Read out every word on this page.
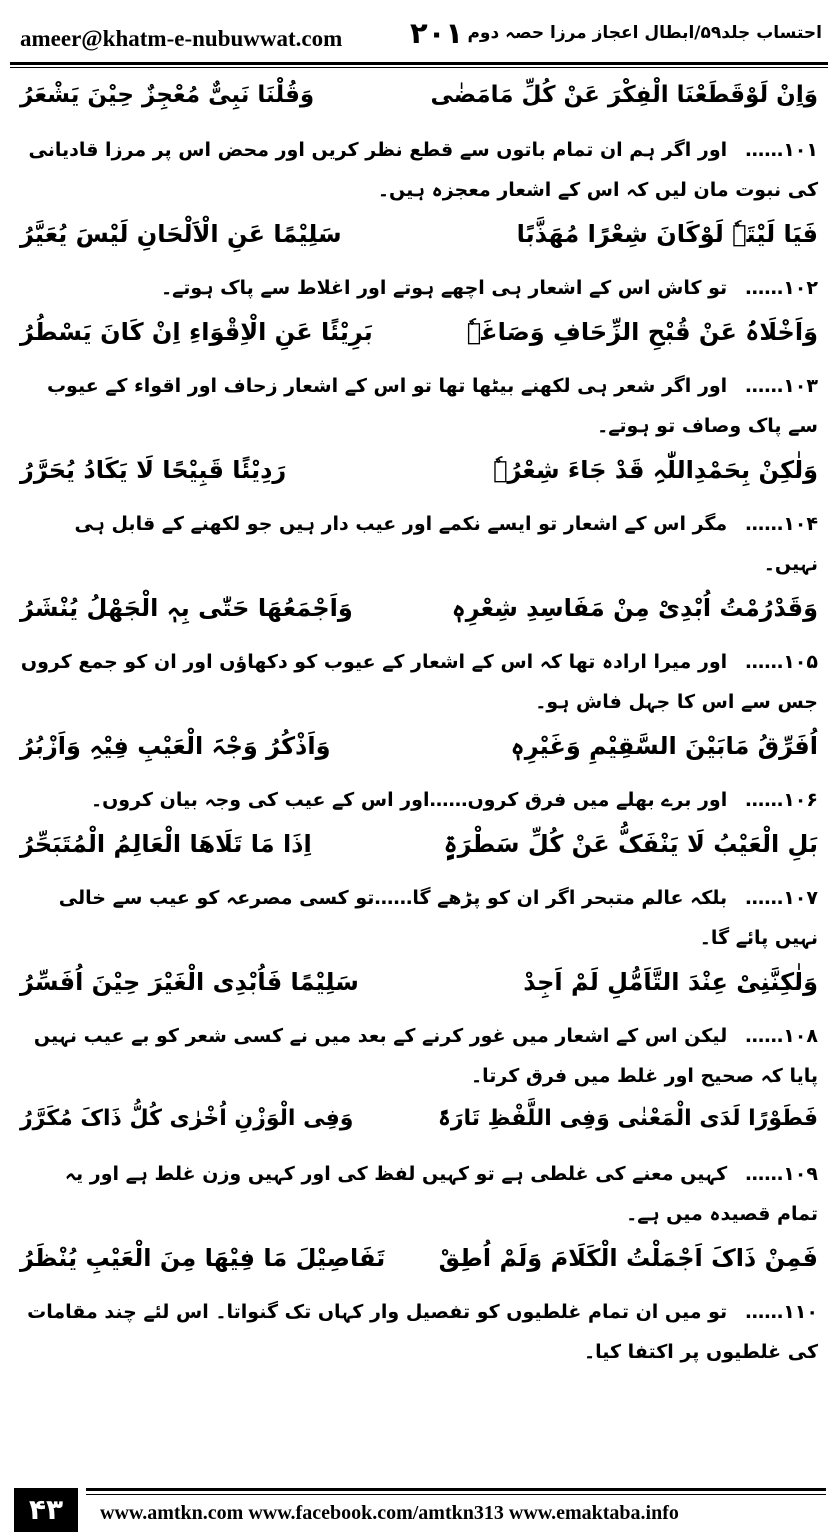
ameer@khatm-e-nubuwwat.com ۲۰۱ احتساب جلد۵۹/ابطال اعجاز مرزا حصہ دوم
وَاِنْ لَوْقَطَعْنَا الْفِکْرَ عَنْ کُلِّ مَامَضٰی
وَقُلْنَا نَبِیٌّ مُعْجِزٌ حِیْنَ یَشْعَرُ

۱۰۱……اور اگر ہم ان تمام باتوں سے قطع نظر کریں اور محض اس پر مرزا قادیانی کی نبوت مان لیں کہ اس کے اشعار معجزہ ہیں۔

فَیَا لَیْتَہٗ لَوْکَانَ شِعْرًا مُھَذَّبًا
سَلِیْمًا عَنِ الْاَلْحَانِ لَیْسَ یُعَیَّرُ

۱۰۲……تو کاش اس کے اشعار ہی اچھے ہوتے اور اغلاط سے پاک ہوتے۔

وَاَخْلَاہُ عَنْ قُبْحِ الزِّحَافِ وَصَاغَہٗ
بَرِیْئًا عَنِ الْاِقْوَاءِ اِنْ کَانَ یَسْطُرُ

۱۰۳……اور اگر شعر ہی لکھنے بیٹھا تھا تو اس کے اشعار زحاف اور اقواء کے عیوب سے پاک وصاف تو ہوتے۔

وَلٰکِنْ بِحَمْدِاللّٰہِ قَدْ جَاءَ شِعْرُہٗ
رَدِیْئًا قَبِیْحًا لَا یَکَادُ یُحَرَّرُ

۱۰۴……مگر اس کے اشعار تو ایسے نکمے اور عیب دار ہیں جو لکھنے کے قابل ہی نہیں۔

وَقَدْرُمْتُ اُبْدِیْ مِنْ مَفَاسِدِ شِعْرِہٖ
وَاَجْمَعُھَا حَتّٰی بِہٖ الْجَھْلُ یُنْشَرُ

۱۰۵……اور میرا ارادہ تھا کہ اس کے اشعار کے عیوب کو دکھاؤں اور ان کو جمع کروں جس سے اس کا جہل فاش ہو۔

اُفَرِّقُ مَابَیْنَ السَّقِیْمِ وَغَیْرِہٖ
وَاَذْکُرُ وَجْہَ الْعَیْبِ فِیْہِ وَاَزْبُرُ

۱۰۶……اور برے بھلے میں فرق کروں……اور اس کے عیب کی وجہ بیان کروں۔

بَلِ الْعَیْبُ لَا یَنْفَکُّ عَنْ کُلِّ سَطْرَۃٍ
اِذَا مَا تَلَاھَا الْعَالِمُ الْمُتَبَحِّرُ

۱۰۷……بلکہ عالم متبحر اگر ان کو پڑھے گا……تو کسی مصرعہ کو عیب سے خالی نہیں پائے گا۔

وَلٰکِنَّنِیْ عِنْدَ التَّاَمُّلِ لَمْ اَجِدْ
سَلِیْمًا فَاُبْدِی الْغَیْرَ حِیْنَ اُفَسِّرُ

۱۰۸……لیکن اس کے اشعار میں غور کرنے کے بعد میں نے کسی شعر کو بے عیب نہیں پایا کہ صحیح اور غلط میں فرق کرتا۔

فَطَوْرًا لَدَی الْمَعْنٰی وَفِی اللَّفْظِ تَارَۃً
وَفِی الْوَزْنِ اُخْرٰی کُلُّ ذَاکَ مُکَرَّرُ

۱۰۹……کہیں معنے کی غلطی ہے تو کہیں لفظ کی اور کہیں وزن غلط ہے اور یہ تمام قصیدہ میں ہے۔

فَمِنْ ذَاکَ اَجْمَلْتُ الْکَلَامَ وَلَمْ اُطِقْ
تَفَاصِیْلَ مَا فِیْھَا مِنَ الْعَیْبِ یُنْظَرُ

۱۱۰……تو میں ان تمام غلطیوں کو تفصیل وار کہاں تک گنواتا۔ اس لئے چند مقامات کی غلطیوں پر اکتفا کیا۔

۴۳	www.amtkn.com www.facebook.com/amtkn313 www.emaktaba.info
